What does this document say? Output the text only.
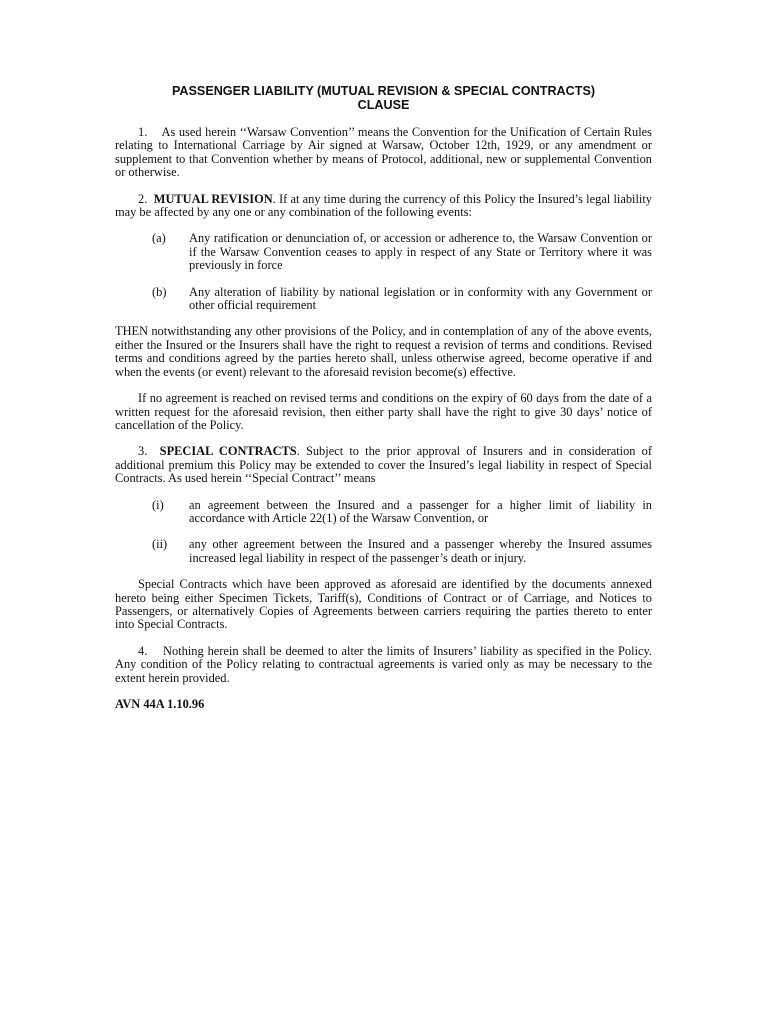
PASSENGER LIABILITY (MUTUAL REVISION & SPECIAL CONTRACTS)
CLAUSE

1. As used herein ‘‘Warsaw Convention’’ means the Convention for the Unification of Certain Rules relating to International Carriage by Air signed at Warsaw, October 12th, 1929, or any amendment or supplement to that Convention whether by means of Protocol, additional, new or supplemental Convention or otherwise.

2. MUTUAL REVISION. If at any time during the currency of this Policy the Insured’s legal liability may be affected by any one or any combination of the following events:

(a) Any ratification or denunciation of, or accession or adherence to, the Warsaw Convention or if the Warsaw Convention ceases to apply in respect of any State or Territory where it was previously in force
(b) Any alteration of liability by national legislation or in conformity with any Government or other official requirement

THEN notwithstanding any other provisions of the Policy, and in contemplation of any of the above events, either the Insured or the Insurers shall have the right to request a revision of terms and conditions. Revised terms and conditions agreed by the parties hereto shall, unless otherwise agreed, become operative if and when the events (or event) relevant to the aforesaid revision become(s) effective.

If no agreement is reached on revised terms and conditions on the expiry of 60 days from the date of a written request for the aforesaid revision, then either party shall have the right to give 30 days’ notice of cancellation of the Policy.

3. SPECIAL CONTRACTS. Subject to the prior approval of Insurers and in consideration of additional premium this Policy may be extended to cover the Insured’s legal liability in respect of Special Contracts. As used herein ‘‘Special Contract’’ means

(i) an agreement between the Insured and a passenger for a higher limit of liability in accordance with Article 22(1) of the Warsaw Convention, or
(ii) any other agreement between the Insured and a passenger whereby the Insured assumes increased legal liability in respect of the passenger’s death or injury.

Special Contracts which have been approved as aforesaid are identified by the documents annexed hereto being either Specimen Tickets, Tariff(s), Conditions of Contract or of Carriage, and Notices to Passengers, or alternatively Copies of Agreements between carriers requiring the parties thereto to enter into Special Contracts.

4. Nothing herein shall be deemed to alter the limits of Insurers’ liability as specified in the Policy. Any condition of the Policy relating to contractual agreements is varied only as may be necessary to the extent herein provided.

AVN 44A 1.10.96
